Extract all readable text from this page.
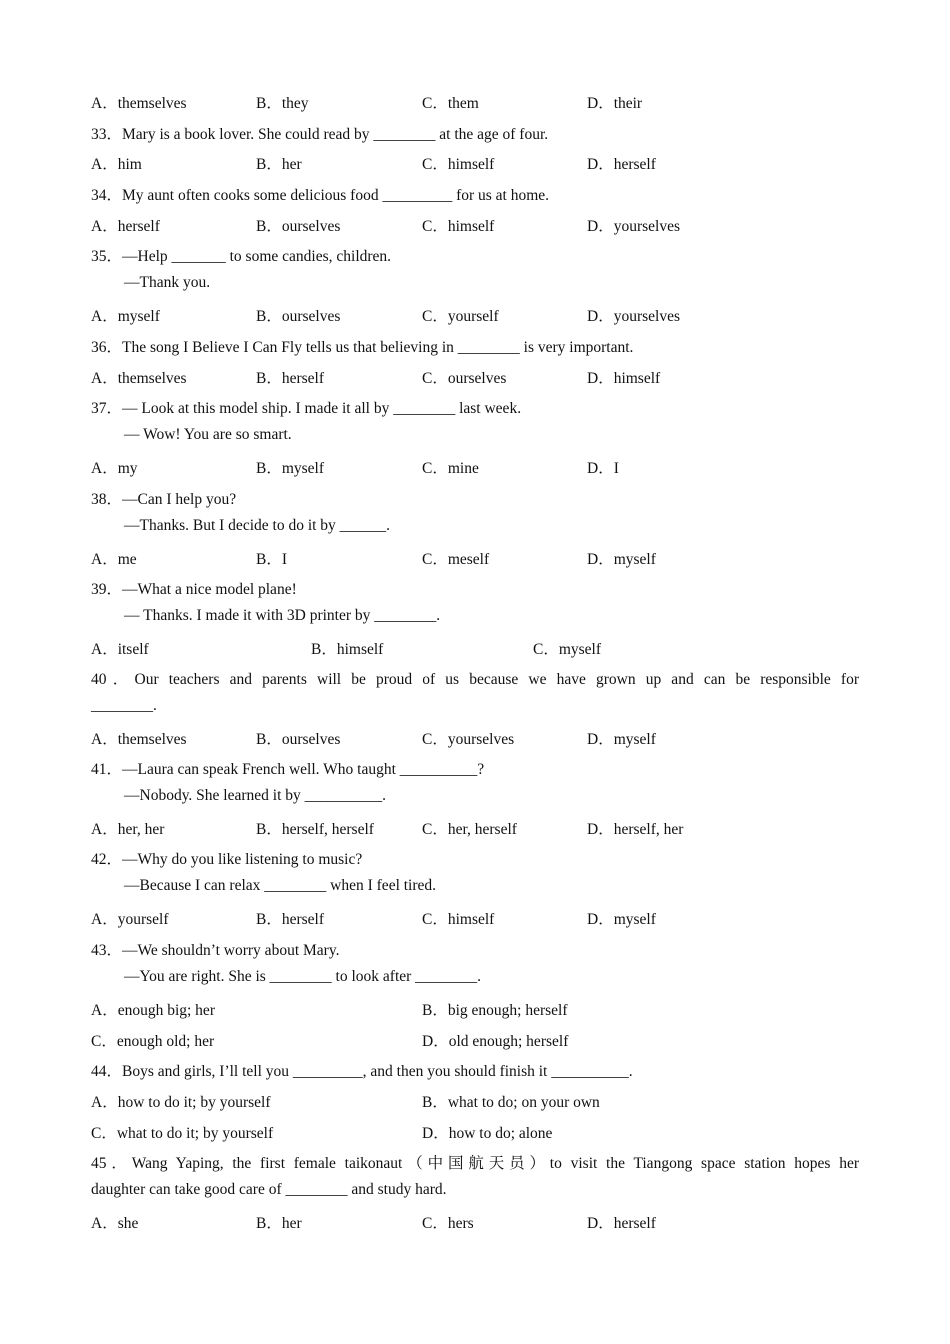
A．themselves	B．they	C．them	D．their
33．Mary is a book lover. She could read by ________ at the age of four.
A．him	B．her	C．himself	D．herself
34．My aunt often cooks some delicious food _________ for us at home.
A．herself	B．ourselves	C．himself	D．yourselves
35．—Help _______ to some candies, children.
—Thank you.
A．myself	B．ourselves	C．yourself	D．yourselves
36．The song I Believe I Can Fly tells us that believing in ________ is very important.
A．themselves	B．herself	C．ourselves	D．himself
37．— Look at this model ship. I made it all by ________ last week.
— Wow! You are so smart.
A．my	B．myself	C．mine	D．I
38．—Can I help you?
—Thanks. But I decide to do it by ______.
A．me	B．I	C．meself	D．myself
39．—What a nice model plane!
— Thanks. I made it with 3D printer by ________.
A．itself	B．himself	C．myself
40．Our teachers and parents will be proud of us because we have grown up and can be responsible for
________.
A．themselves	B．ourselves	C．yourselves	D．myself
41．—Laura can speak French well. Who taught __________?
—Nobody. She learned it by __________.
A．her, her	B．herself, herself	C．her, herself	D．herself, her
42．—Why do you like listening to music?
—Because I can relax ________ when I feel tired.
A．yourself	B．herself	C．himself	D．myself
43．—We shouldn’t worry about Mary.
—You are right. She is ________ to look after ________.
A．enough big; her	B．big enough; herself
C．enough old; her	D．old enough; herself
44．Boys and girls, I’ll tell you _________, and then you should finish it __________.
A．how to do it; by yourself	B．what to do; on your own
C．what to do it; by yourself	D．how to do; alone
45．Wang Yaping, the first female taikonaut（中国航天员）to visit the Tiangong space station hopes her
daughter can take good care of ________ and study hard.
A．she	B．her	C．hers	D．herself
